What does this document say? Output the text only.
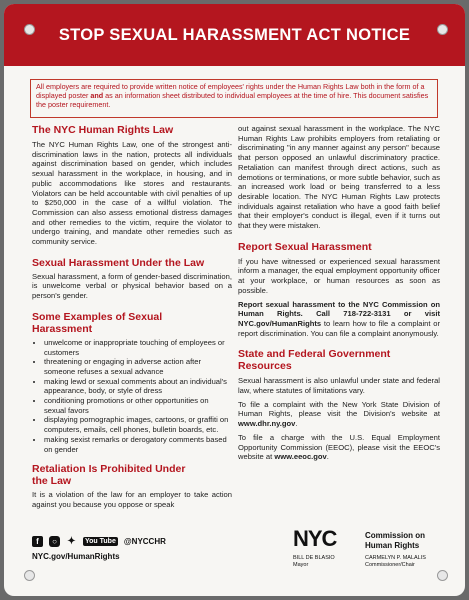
STOP SEXUAL HARASSMENT ACT NOTICE
All employers are required to provide written notice of employees' rights under the Human Rights Law both in the form of a displayed poster and as an information sheet distributed to individual employees at the time of hire. This document satisfies the poster requirement.
The NYC Human Rights Law

The NYC Human Rights Law, one of the strongest anti-discrimination laws in the nation, protects all individuals against discrimination based on gender, which includes sexual harassment in the workplace, in housing, and in public accommodations like stores and restaurants. Violators can be held accountable with civil penalties of up to $250,000 in the case of a willful violation. The Commission can also assess emotional distress damages and other remedies to the victim, require the violator to undergo training, and mandate other remedies such as community service.

Sexual Harassment Under the Law

Sexual harassment, a form of gender-based discrimination, is unwelcome verbal or physical behavior based on a person's gender.

Some Examples of Sexual Harassment
• unwelcome or inappropriate touching of employees or customers
• threatening or engaging in adverse action after someone refuses a sexual advance
• making lewd or sexual comments about an individual's appearance, body, or style of dress
• conditioning promotions or other opportunities on sexual favors
• displaying pornographic images, cartoons, or graffiti on computers, emails, cell phones, bulletin boards, etc.
• making sexist remarks or derogatory comments based on gender
Retaliation Is Prohibited Under the Law

It is a violation of the law for an employer to take action against you because you oppose or speak

out against sexual harassment in the workplace. The NYC Human Rights Law prohibits employers from retaliating or discriminating "in any manner against any person" because that person opposed an unlawful discriminatory practice. Retaliation can manifest through direct actions, such as demotions or terminations, or more subtle behavior, such as an increased work load or being transferred to a less desirable location. The NYC Human Rights Law protects individuals against retaliation who have a good faith belief that their employer's conduct is illegal, even if it turns out that they were mistaken.

Report Sexual Harassment

If you have witnessed or experienced sexual harassment inform a manager, the equal employment opportunity officer at your workplace, or human resources as soon as possible.

Report sexual harassment to the NYC Commission on Human Rights. Call 718-722-3131 or visit NYC.gov/HumanRights to learn how to file a complaint or report discrimination. You can file a complaint anonymously.

State and Federal Government Resources

Sexual harassment is also unlawful under state and federal law, where statutes of limitations vary.

To file a complaint with the New York State Division of Human Rights, please visit the Division's website at www.dhr.ny.gov.

To file a charge with the U.S. Equal Employment Opportunity Commission (EEOC), please visit the EEOC's website at www.eeoc.gov.

f	○	✦ You Tube @NYCCHR
NYC.gov/HumanRights
NYC	Commission on
Human Rights
BILL DE BLASIO
Mayor
CARMELYN P. MALALIS
Commissioner/Chair
